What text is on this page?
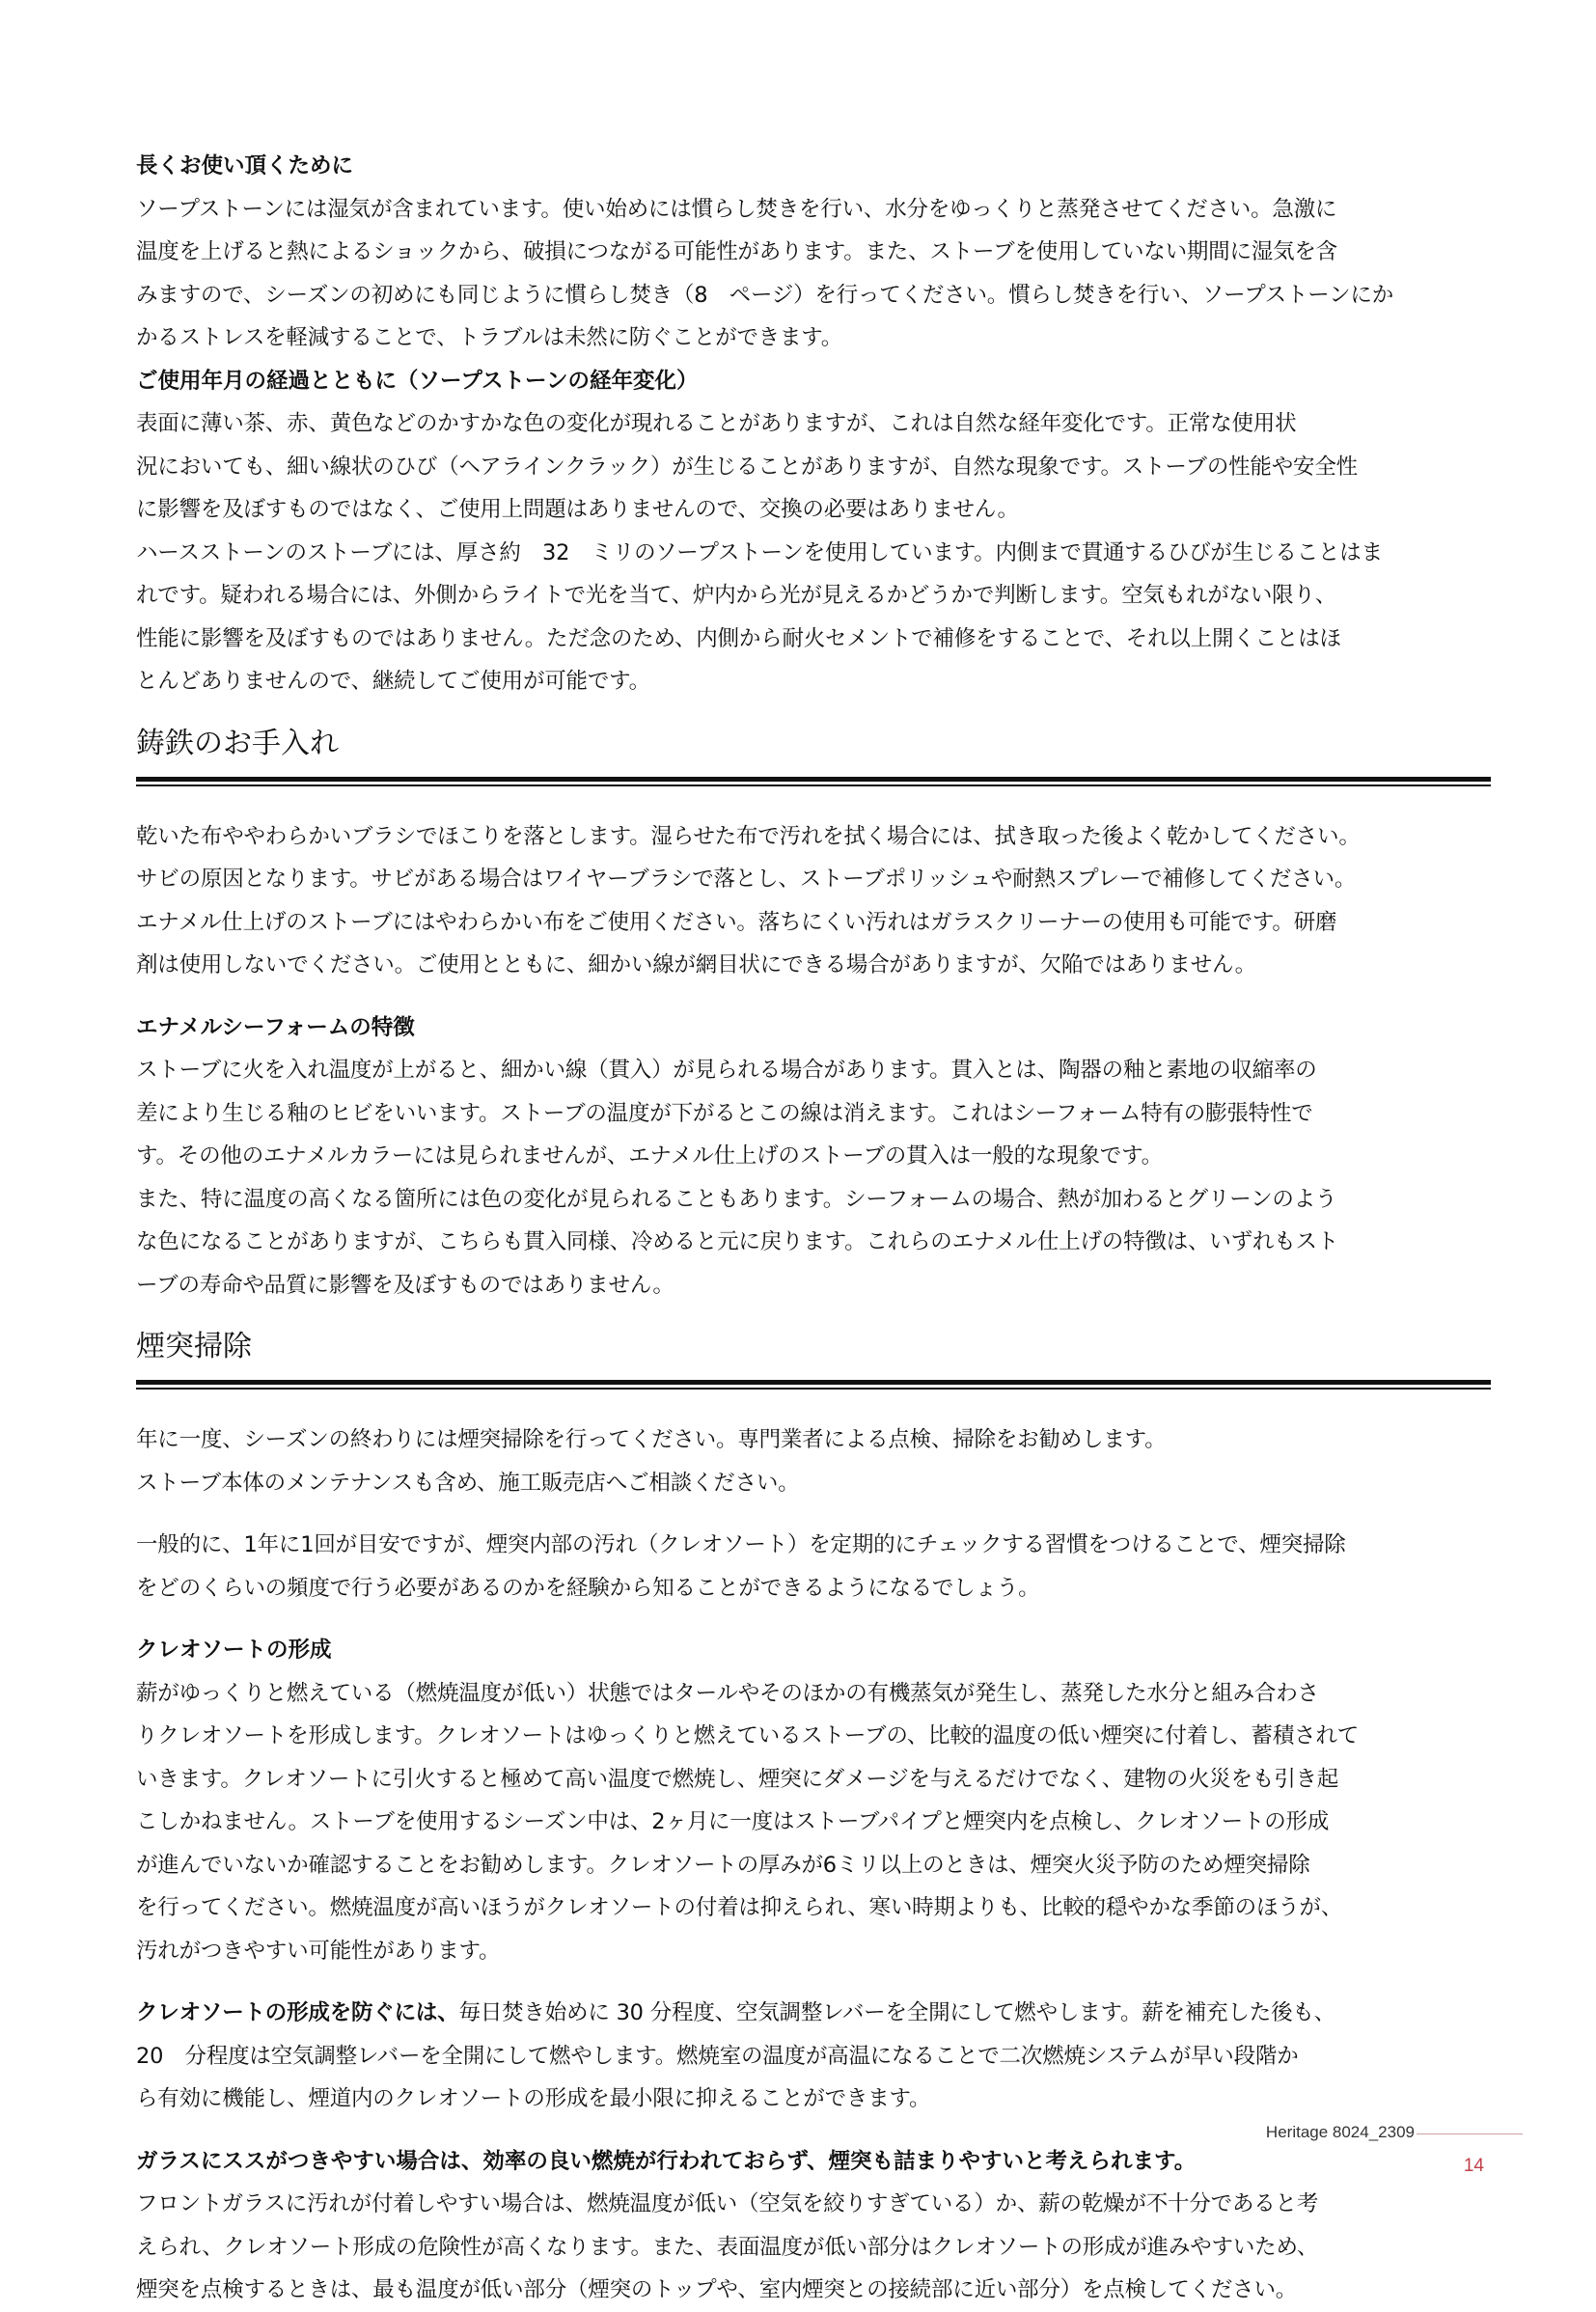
長くお使い頂くために

ソープストーンには湿気が含まれています。使い始めには慣らし焚きを行い、水分をゆっくりと蒸発させてください。急激に

温度を上げると熱によるショックから、破損につながる可能性があります。また、ストーブを使用していない期間に湿気を含

みますので、シーズンの初めにも同じように慣らし焚き（8　ページ）を行ってください。慣らし焚きを行い、ソープストーンにか

かるストレスを軽減することで、トラブルは未然に防ぐことができます。

ご使用年月の経過とともに（ソープストーンの経年変化）

表面に薄い茶、赤、黄色などのかすかな色の変化が現れることがありますが、これは自然な経年変化です。正常な使用状

況においても、細い線状のひび（ヘアラインクラック）が生じることがありますが、自然な現象です。ストーブの性能や安全性

に影響を及ぼすものではなく、ご使用上問題はありませんので、交換の必要はありません。

ハースストーンのストーブには、厚さ約　32　ミリのソープストーンを使用しています。内側まで貫通するひびが生じることはま

れです。疑われる場合には、外側からライトで光を当て、炉内から光が見えるかどうかで判断します。空気もれがない限り、

性能に影響を及ぼすものではありません。ただ念のため、内側から耐火セメントで補修をすることで、それ以上開くことはほ

とんどありませんので、継続してご使用が可能です。

鋳鉄のお手入れ

乾いた布ややわらかいブラシでほこりを落とします。湿らせた布で汚れを拭く場合には、拭き取った後よく乾かしてください。

サビの原因となります。サビがある場合はワイヤーブラシで落とし、ストーブポリッシュや耐熱スプレーで補修してください。

エナメル仕上げのストーブにはやわらかい布をご使用ください。落ちにくい汚れはガラスクリーナーの使用も可能です。研磨

剤は使用しないでください。ご使用とともに、細かい線が網目状にできる場合がありますが、欠陥ではありません。

エナメルシーフォームの特徴

ストーブに火を入れ温度が上がると、細かい線（貫入）が見られる場合があります。貫入とは、陶器の釉と素地の収縮率の

差により生じる釉のヒビをいいます。ストーブの温度が下がるとこの線は消えます。これはシーフォーム特有の膨張特性で

す。その他のエナメルカラーには見られませんが、エナメル仕上げのストーブの貫入は一般的な現象です。

また、特に温度の高くなる箇所には色の変化が見られることもあります。シーフォームの場合、熱が加わるとグリーンのよう

な色になることがありますが、こちらも貫入同様、冷めると元に戻ります。これらのエナメル仕上げの特徴は、いずれもスト

ーブの寿命や品質に影響を及ぼすものではありません。

煙突掃除

年に一度、シーズンの終わりには煙突掃除を行ってください。専門業者による点検、掃除をお勧めします。

ストーブ本体のメンテナンスも含め、施工販売店へご相談ください。

一般的に、1年に1回が目安ですが、煙突内部の汚れ（クレオソート）を定期的にチェックする習慣をつけることで、煙突掃除

をどのくらいの頻度で行う必要があるのかを経験から知ることができるようになるでしょう。

クレオソートの形成

薪がゆっくりと燃えている（燃焼温度が低い）状態ではタールやそのほかの有機蒸気が発生し、蒸発した水分と組み合わさ

りクレオソートを形成します。クレオソートはゆっくりと燃えているストーブの、比較的温度の低い煙突に付着し、蓄積されて

いきます。クレオソートに引火すると極めて高い温度で燃焼し、煙突にダメージを与えるだけでなく、建物の火災をも引き起

こしかねません。ストーブを使用するシーズン中は、2ヶ月に一度はストーブパイプと煙突内を点検し、クレオソートの形成

が進んでいないか確認することをお勧めします。クレオソートの厚みが6ミリ以上のときは、煙突火災予防のため煙突掃除

を行ってください。燃焼温度が高いほうがクレオソートの付着は抑えられ、寒い時期よりも、比較的穏やかな季節のほうが、

汚れがつきやすい可能性があります。

クレオソートの形成を防ぐには、毎日焚き始めに 30 分程度、空気調整レバーを全開にして燃やします。薪を補充した後も、

20　分程度は空気調整レバーを全開にして燃やします。燃焼室の温度が高温になることで二次燃焼システムが早い段階か

ら有効に機能し、煙道内のクレオソートの形成を最小限に抑えることができます。

ガラスにススがつきやすい場合は、効率の良い燃焼が行われておらず、煙突も詰まりやすいと考えられます。

フロントガラスに汚れが付着しやすい場合は、燃焼温度が低い（空気を絞りすぎている）か、薪の乾燥が不十分であると考

えられ、クレオソート形成の危険性が高くなります。また、表面温度が低い部分はクレオソートの形成が進みやすいため、

煙突を点検するときは、最も温度が低い部分（煙突のトップや、室内煙突との接続部に近い部分）を点検してください。

Heritage 8024_2309
14
